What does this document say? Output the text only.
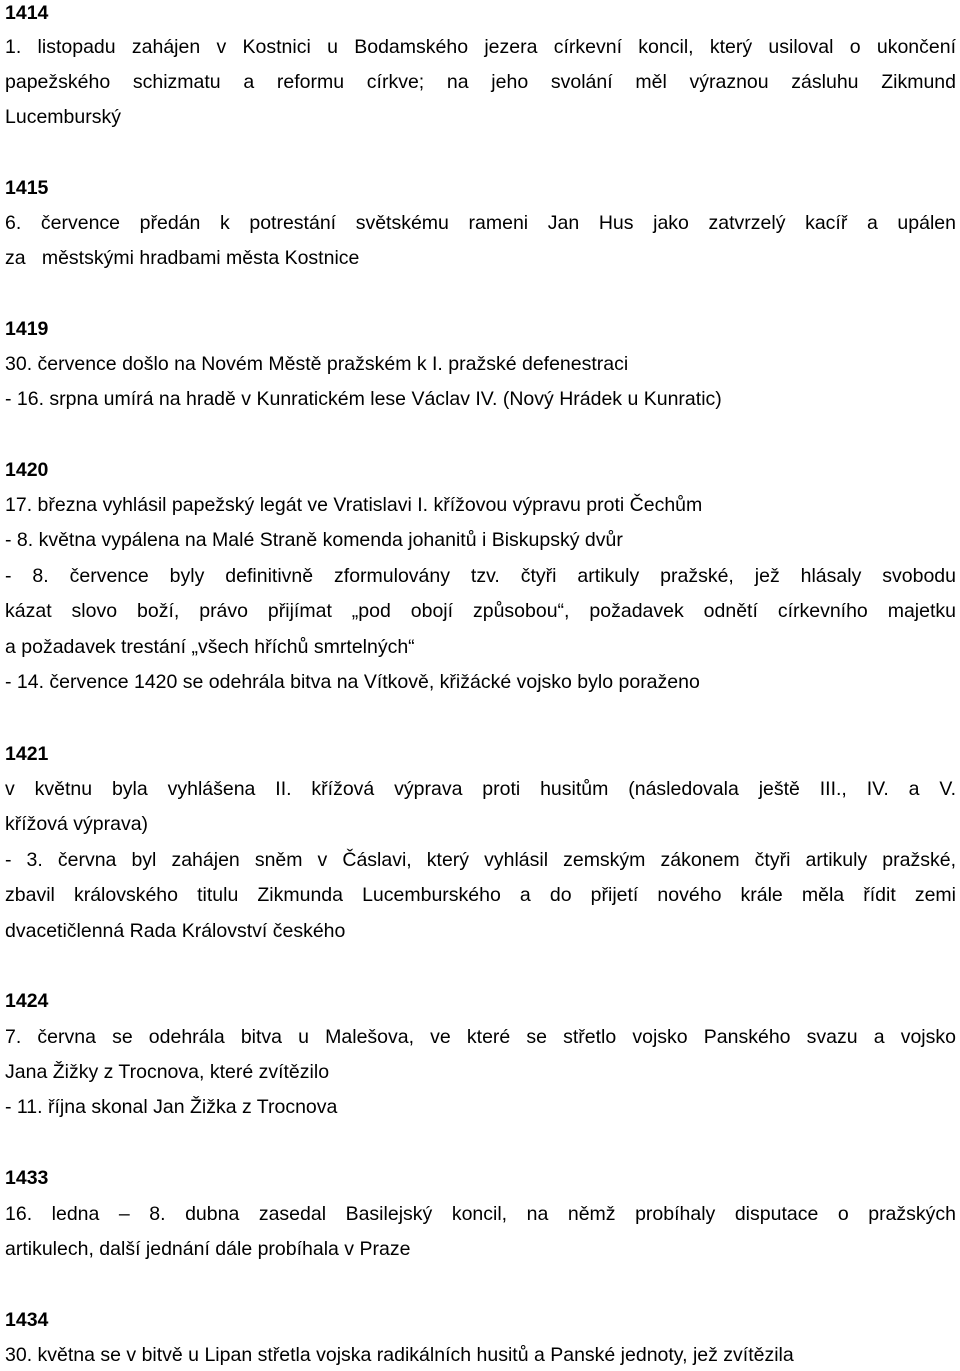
1414
1. listopadu zahájen v Kostnici u Bodamského jezera církevní koncil, který usiloval o ukončení
papežského schizmatu a reformu církve; na jeho svolání měl výraznou zásluhu Zikmund
Lucemburský
1415
6. července předán k potrestání světskému rameni Jan Hus jako zatvrzelý kacíř a upálen
za   městskými hradbami města Kostnice
1419
30. července došlo na Novém Městě pražském k I. pražské defenestraci
- 16. srpna umírá na hradě v Kunratickém lese Václav IV. (Nový Hrádek u Kunratic)
1420
17. března vyhlásil papežský legát ve Vratislavi I. křížovou výpravu proti Čechům
- 8. května vypálena na Malé Straně komenda johanitů i Biskupský dvůr
- 8. července byly definitivně zformulovány tzv. čtyři artikuly pražské, jež hlásaly svobodu
kázat slovo boží, právo přijímat „pod obojí způsobou“, požadavek odnětí církevního majetku
a požadavek trestání „všech hříchů smrtelných“
- 14. července 1420 se odehrála bitva na Vítkově, křižácké vojsko bylo poraženo
1421
v květnu byla vyhlášena II. křížová výprava proti husitům (následovala ještě III., IV. a V.
křížová výprava)
- 3. června byl zahájen sněm v Čáslavi, který vyhlásil zemským zákonem čtyři artikuly pražské,
zbavil královského titulu Zikmunda Lucemburského a do přijetí nového krále měla řídit zemi
dvacetičlenná Rada Království českého
1424
7. června se odehrála bitva u Malešova, ve které se střetlo vojsko Panského svazu a vojsko
Jana Žižky z Trocnova, které zvítězilo
- 11. října skonal Jan Žižka z Trocnova
1433
16. ledna – 8. dubna zasedal Basilejský koncil, na němž probíhaly disputace o pražských
artikulech, další jednání dále probíhala v Praze
1434
30. května se v bitvě u Lipan střetla vojska radikálních husitů a Panské jednoty, jež zvítězila
